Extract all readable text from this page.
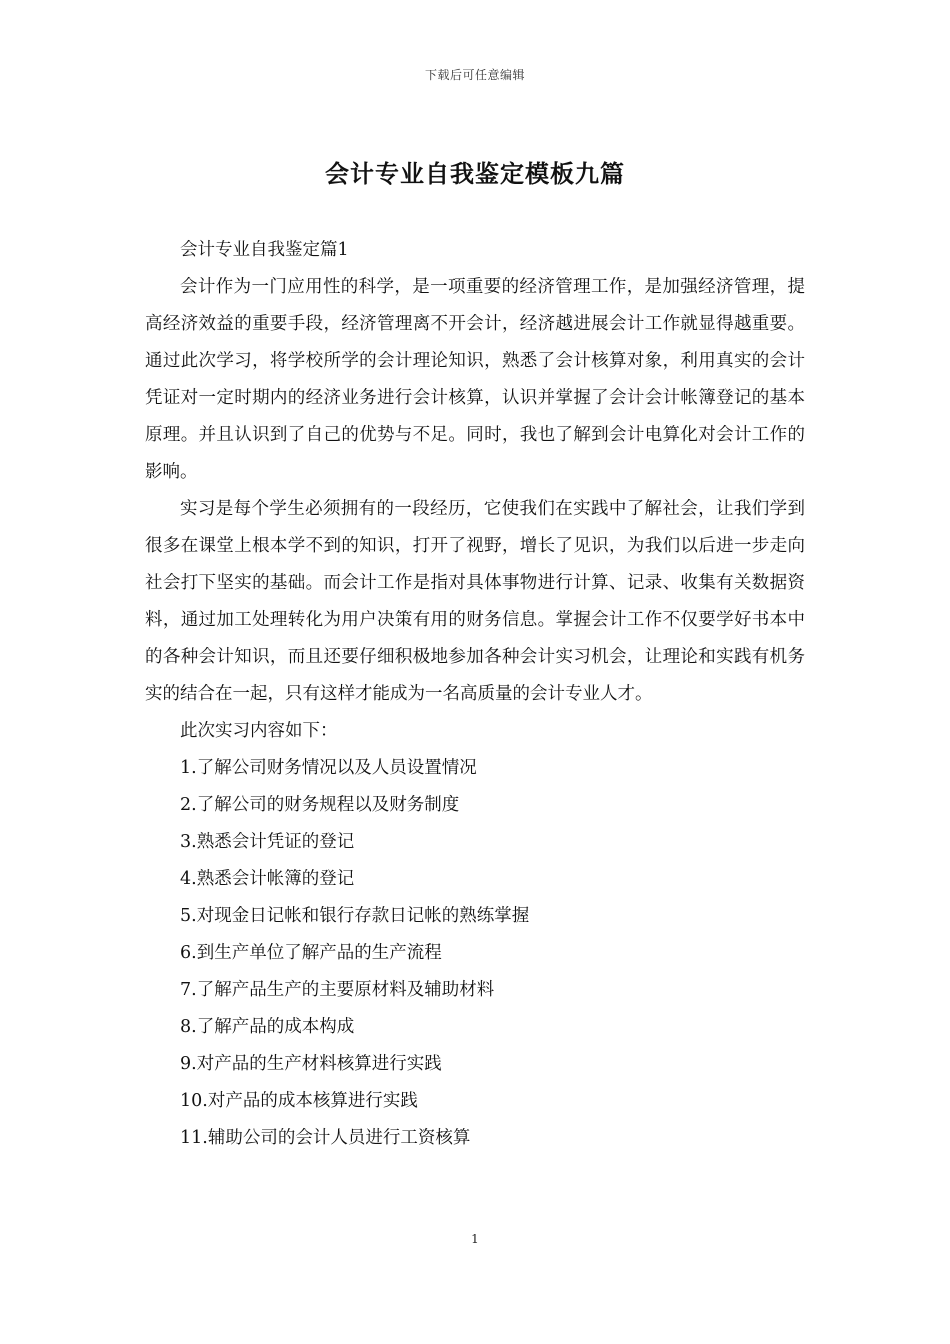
下载后可任意编辑
会计专业自我鉴定模板九篇

会计专业自我鉴定篇1

会计作为一门应用性的科学，是一项重要的经济管理工作，是加强经济管理，提高经济效益的重要手段，经济管理离不开会计，经济越进展会计工作就显得越重要。通过此次学习，将学校所学的会计理论知识，熟悉了会计核算对象，利用真实的会计凭证对一定时期内的经济业务进行会计核算，认识并掌握了会计会计帐簿登记的基本原理。并且认识到了自己的优势与不足。同时，我也了解到会计电算化对会计工作的影响。

实习是每个学生必须拥有的一段经历，它使我们在实践中了解社会，让我们学到很多在课堂上根本学不到的知识，打开了视野，增长了见识，为我们以后进一步走向社会打下坚实的基础。而会计工作是指对具体事物进行计算、记录、收集有关数据资料，通过加工处理转化为用户决策有用的财务信息。掌握会计工作不仅要学好书本中的各种会计知识，而且还要仔细积极地参加各种会计实习机会，让理论和实践有机务实的结合在一起，只有这样才能成为一名高质量的会计专业人才。

此次实习内容如下：

1.了解公司财务情况以及人员设置情况

2.了解公司的财务规程以及财务制度

3.熟悉会计凭证的登记

4.熟悉会计帐簿的登记

5.对现金日记帐和银行存款日记帐的熟练掌握

6.到生产单位了解产品的生产流程

7.了解产品生产的主要原材料及辅助材料

8.了解产品的成本构成

9.对产品的生产材料核算进行实践

10.对产品的成本核算进行实践

11.辅助公司的会计人员进行工资核算

1
